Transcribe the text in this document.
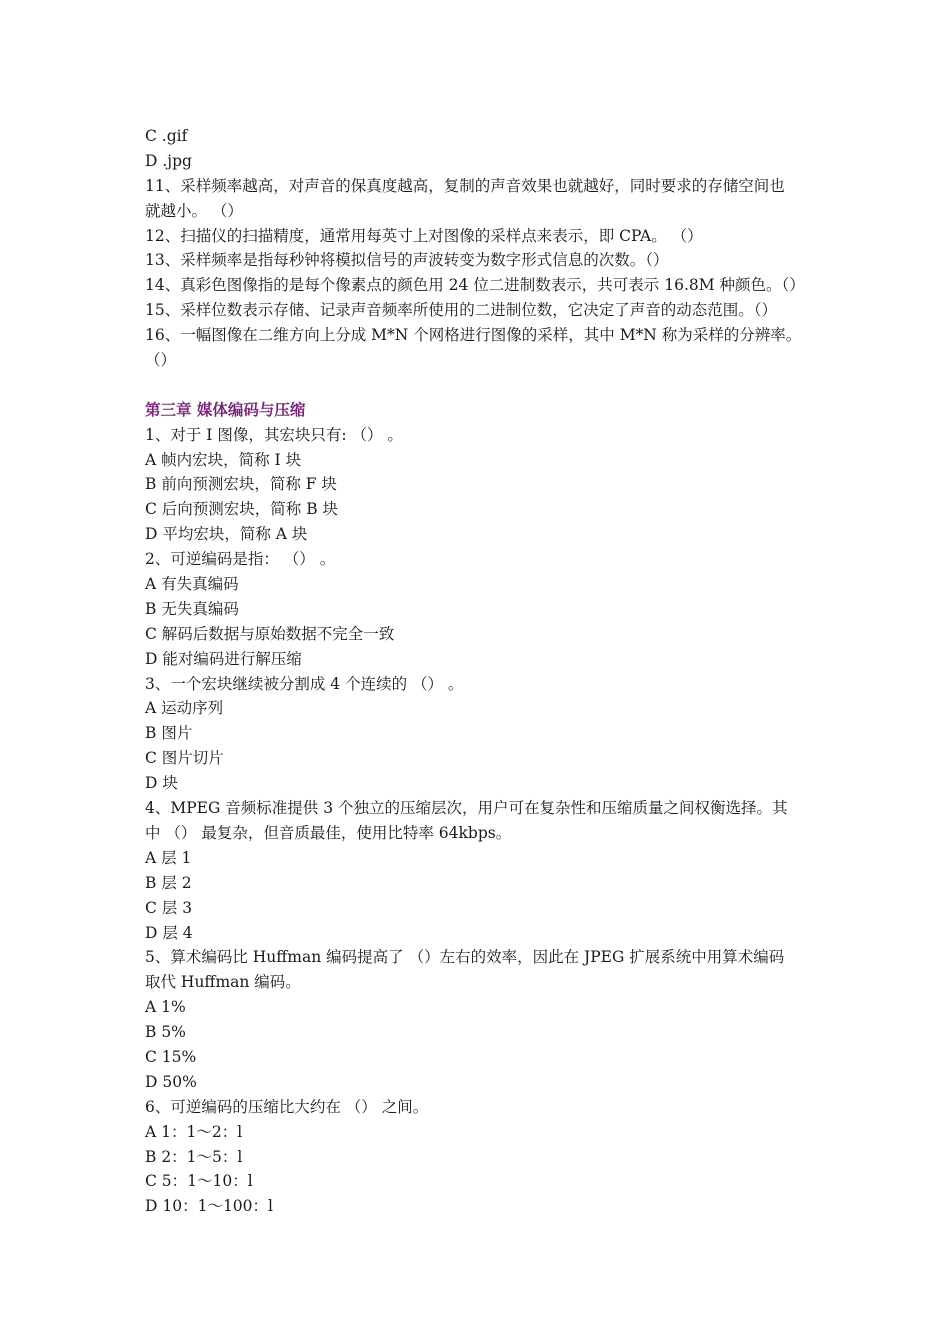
C .gif
D .jpg
11、采样频率越高，对声音的保真度越高，复制的声音效果也就越好，同时要求的存储空间也
就越小。 （）
12、扫描仪的扫描精度，通常用每英寸上对图像的采样点来表示，即 CPA。 （）
13、采样频率是指每秒钟将模拟信号的声波转变为数字形式信息的次数。（）
14、真彩色图像指的是每个像素点的颜色用 24 位二进制数表示，共可表示 16.8M 种颜色。（）
15、采样位数表示存储、记录声音频率所使用的二进制位数，它决定了声音的动态范围。（）
16、一幅图像在二维方向上分成 M*N 个网格进行图像的采样，其中 M*N 称为采样的分辨率。
（）
第三章 媒体编码与压缩
1、对于 I 图像，其宏块只有: （） 。
A 帧内宏块，简称 I 块
B 前向预测宏块，简称 F 块
C 后向预测宏块，简称 B 块
D 平均宏块，简称 A 块
2、可逆编码是指： （） 。
A 有失真编码
B 无失真编码
C 解码后数据与原始数据不完全一致
D 能对编码进行解压缩
3、一个宏块继续被分割成 4 个连续的 （） 。
A 运动序列
B 图片
C 图片切片
D 块
4、MPEG 音频标准提供 3 个独立的压缩层次，用户可在复杂性和压缩质量之间权衡选择。其
中 （） 最复杂，但音质最佳，使用比特率 64kbps。
A 层 1
B 层 2
C 层 3
D 层 4
5、算术编码比 Huffman 编码提高了 （）左右的效率，因此在 JPEG 扩展系统中用算术编码
取代 Huffman 编码。
A 1%
B 5%
C 15%
D 50%
6、可逆编码的压缩比大约在 （） 之间。
A 1：1～2：l
B 2：1～5：l
C 5：1～10：l
D 10：1～100：l
